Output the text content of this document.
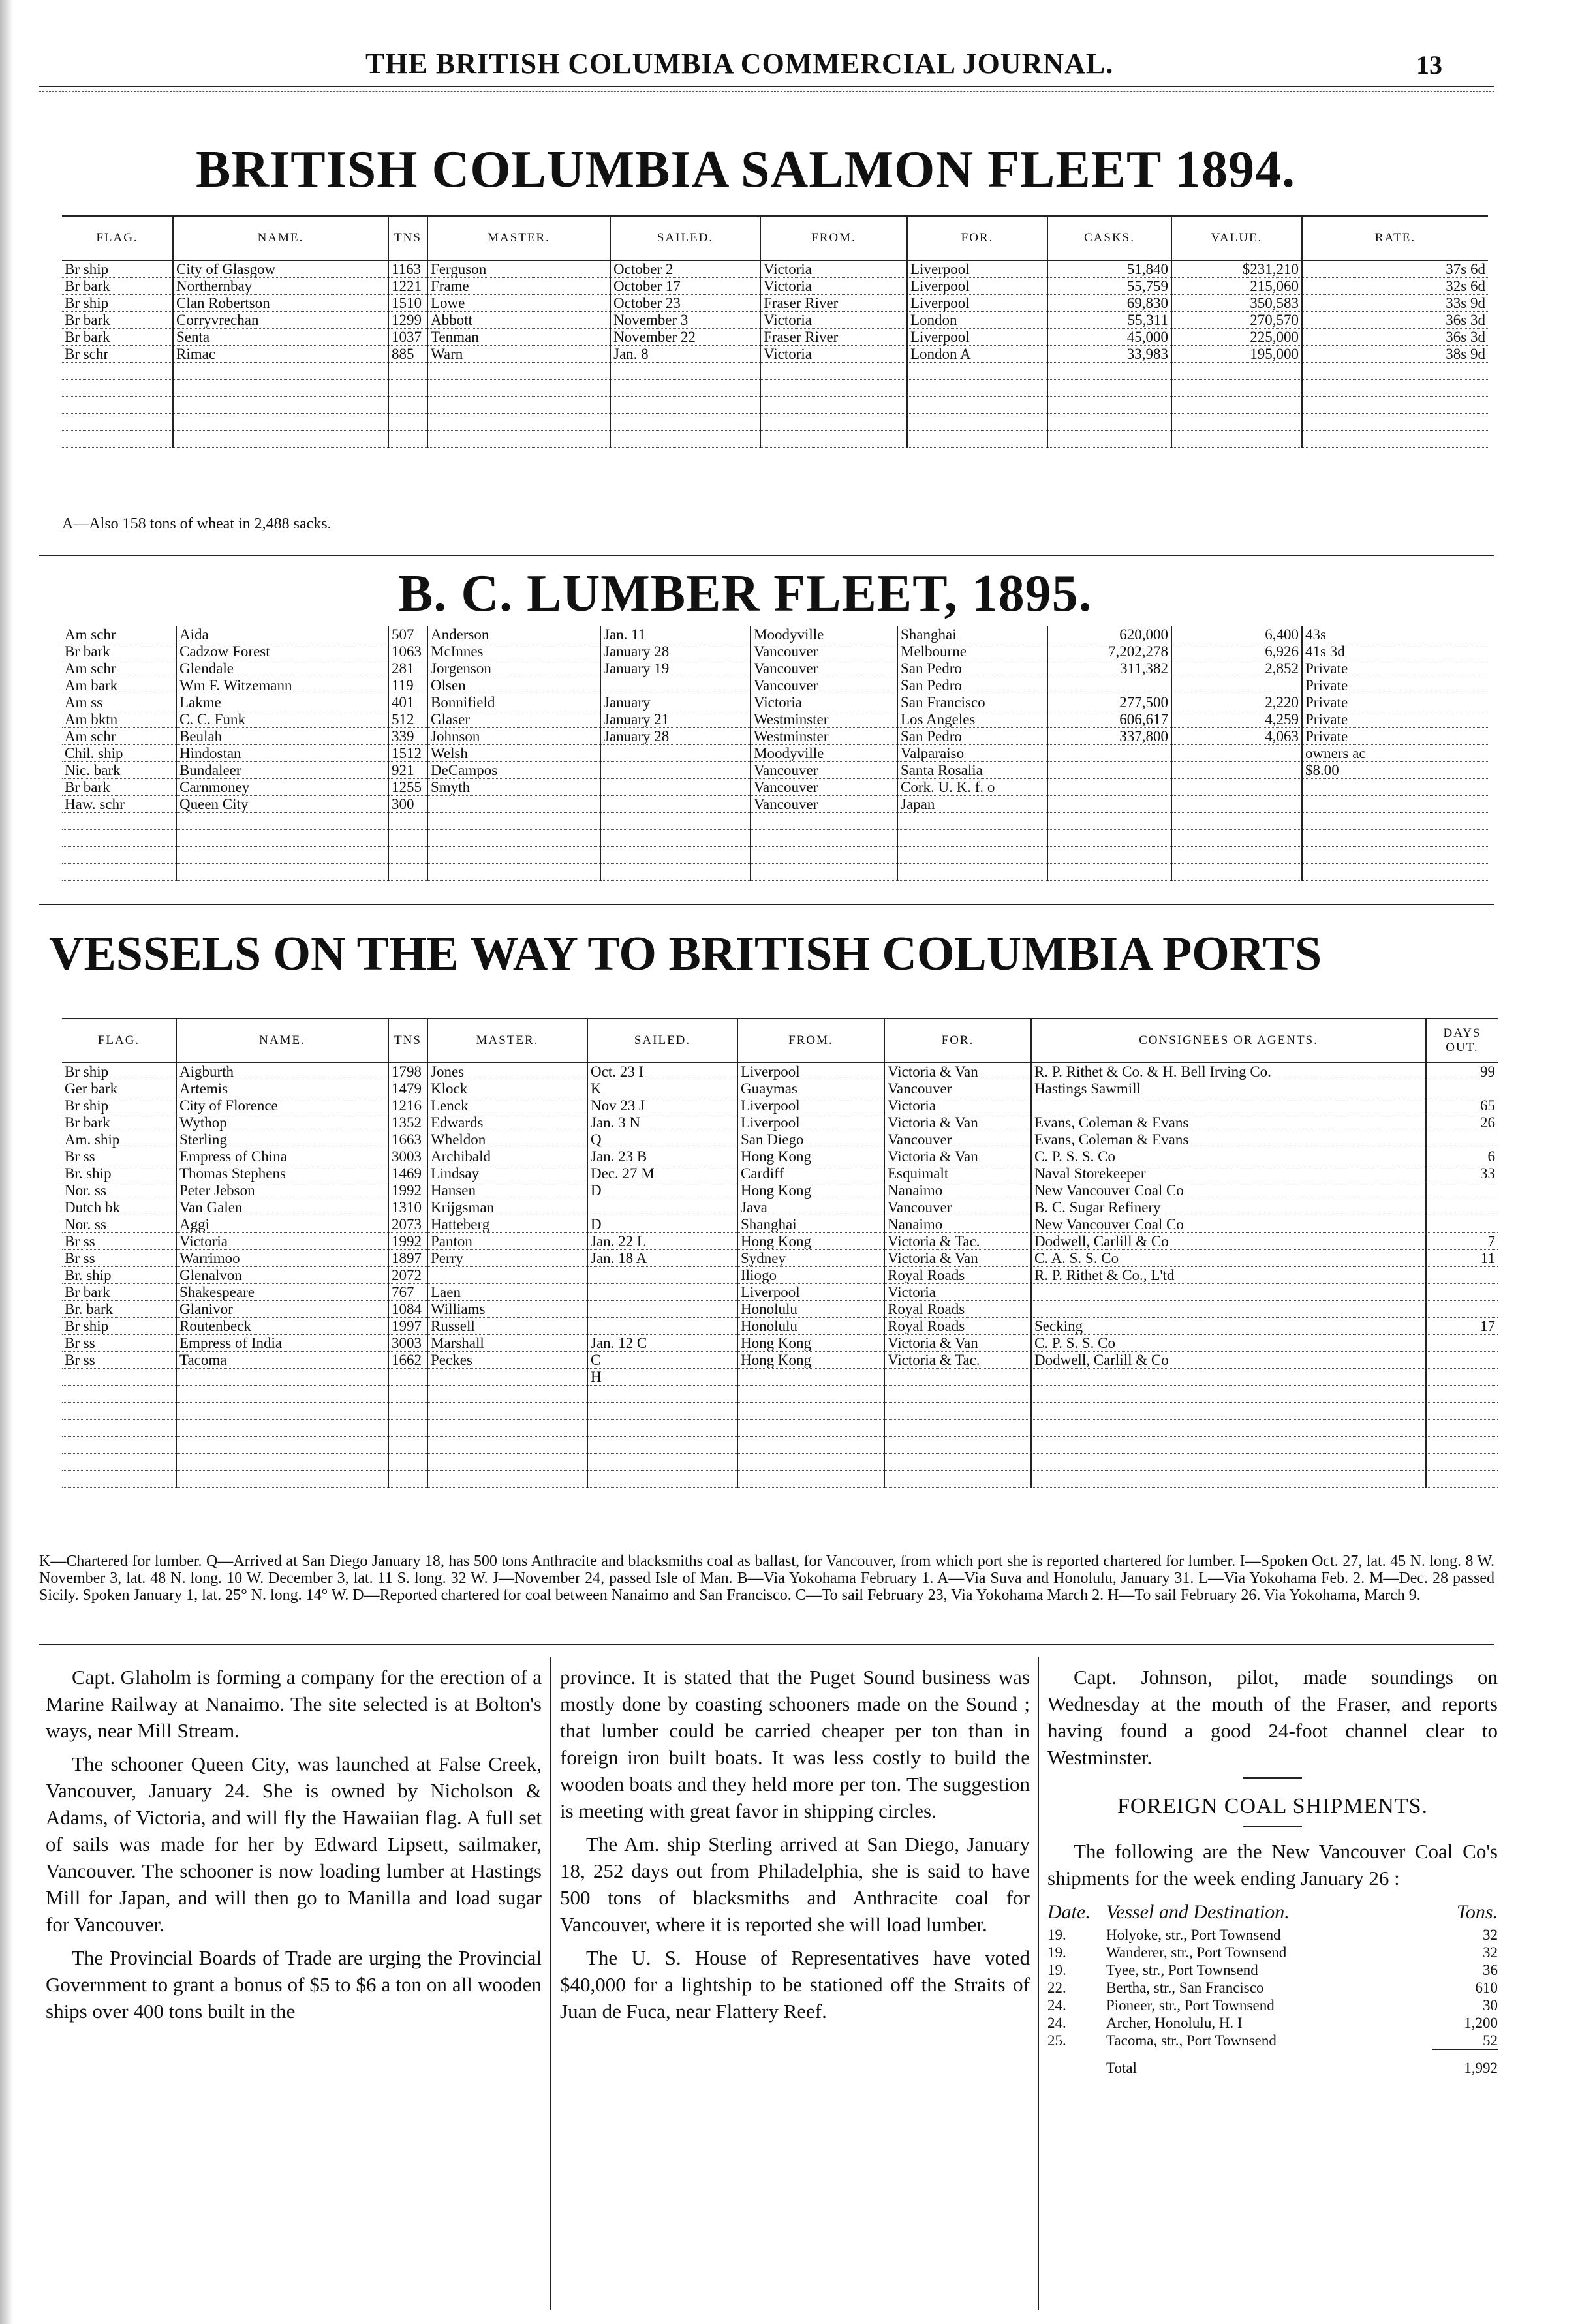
THE BRITISH COLUMBIA COMMERCIAL JOURNAL.	13
BRITISH COLUMBIA SALMON FLEET 1894.
FLAG.	NAME.	TNS	MASTER.	SAILED.	FROM.	FOR.	CASKS.	VALUE.	RATE.
Br ship	City of Glasgow	1163	Ferguson	October 2	Victoria	Liverpool	51,840	$231,210	37s 6d
Br bark	Northernbay	1221	Frame	October 17	Victoria	Liverpool	55,759	215,060	32s 6d
Br ship	Clan Robertson	1510	Lowe	October 23	Fraser River	Liverpool	69,830	350,583	33s 9d
Br bark	Corryvrechan	1299	Abbott	November 3	Victoria	London	55,311	270,570	36s 3d
Br bark	Senta	1037	Tenman	November 22	Fraser River	Liverpool	45,000	225,000	36s 3d
Br schr	Rimac	885	Warn	Jan. 8	Victoria	London A	33,983	195,000	38s 9d

A—Also 158 tons of wheat in 2,488 sacks.
B. C. LUMBER FLEET, 1895.
Am schr	Aida	507	Anderson	Jan. 11	Moodyville	Shanghai	620,000	6,400	43s
Br bark	Cadzow Forest	1063	McInnes	January 28	Vancouver	Melbourne	7,202,278	6,926	41s 3d
Am schr	Glendale	281	Jorgenson	January 19	Vancouver	San Pedro	311,382	2,852	Private
Am bark	Wm F. Witzemann	119	Olsen		Vancouver	San Pedro			Private
Am ss	Lakme	401	Bonnifield	January	Victoria	San Francisco	277,500	2,220	Private
Am bktn	C. C. Funk	512	Glaser	January 21	Westminster	Los Angeles	606,617	4,259	Private
Am schr	Beulah	339	Johnson	January 28	Westminster	San Pedro	337,800	4,063	Private
Chil. ship	Hindostan	1512	Welsh		Moodyville	Valparaiso			owners ac
Nic. bark	Bundaleer	921	DeCampos		Vancouver	Santa Rosalia			$8.00
Br bark	Carnmoney	1255	Smyth		Vancouver	Cork. U. K. f. o			
Haw. schr	Queen City	300			Vancouver	Japan			

VESSELS ON THE WAY TO BRITISH COLUMBIA PORTS
FLAG.	NAME.	TNS	MASTER.	SAILED.	FROM.	FOR.	CONSIGNEES OR AGENTS.	DAYS OUT.
Br ship	Aigburth	1798	Jones	Oct. 23 I	Liverpool	Victoria & Van	R. P. Rithet & Co. & H. Bell Irving Co.	99
Ger bark	Artemis	1479	Klock	K	Guaymas	Vancouver	Hastings Sawmill	
Br ship	City of Florence	1216	Lenck	Nov 23 J	Liverpool	Victoria		65
Br bark	Wythop	1352	Edwards	Jan. 3 N	Liverpool	Victoria & Van	Evans, Coleman & Evans	26
Am. ship	Sterling	1663	Wheldon	Q	San Diego	Vancouver	Evans, Coleman & Evans	
Br ss	Empress of China	3003	Archibald	Jan. 23 B	Hong Kong	Victoria & Van	C. P. S. S. Co	6
Br. ship	Thomas Stephens	1469	Lindsay	Dec. 27 M	Cardiff	Esquimalt	Naval Storekeeper	33
Nor. ss	Peter Jebson	1992	Hansen	D	Hong Kong	Nanaimo	New Vancouver Coal Co	
Dutch bk	Van Galen	1310	Krijgsman		Java	Vancouver	B. C. Sugar Refinery	
Nor. ss	Aggi	2073	Hatteberg	D	Shanghai	Nanaimo	New Vancouver Coal Co	
Br ss	Victoria	1992	Panton	Jan. 22 L	Hong Kong	Victoria & Tac.	Dodwell, Carlill & Co	7
Br ss	Warrimoo	1897	Perry	Jan. 18 A	Sydney	Victoria & Van	C. A. S. S. Co	11
Br. ship	Glenalvon	2072			Iliogo	Royal Roads	R. P. Rithet & Co., L'td	
Br bark	Shakespeare	767	Laen		Liverpool	Victoria		
Br. bark	Glanivor	1084	Williams		Honolulu	Royal Roads		
Br ship	Routenbeck	1997	Russell		Honolulu	Royal Roads	Secking	17
Br ss	Empress of India	3003	Marshall	Jan. 12 C	Hong Kong	Victoria & Van	C. P. S. S. Co	
Br ss	Tacoma	1662	Peckes	C	Hong Kong	Victoria & Tac.	Dodwell, Carlill & Co	
				H				

K—Chartered for lumber. Q—Arrived at San Diego January 18, has 500 tons Anthracite and blacksmiths coal as ballast, for Vancouver, from which port she is reported chartered for lumber. I—Spoken Oct. 27, lat. 45 N. long. 8 W. November 3, lat. 48 N. long. 10 W. December 3, lat. 11 S. long. 32 W. J—November 24, passed Isle of Man. B—Via Yokohama February 1. A—Via Suva and Honolulu, January 31. L—Via Yokohama Feb. 2. M—Dec. 28 passed Sicily. Spoken January 1, lat. 25° N. long. 14° W. D—Reported chartered for coal between Nanaimo and San Francisco. C—To sail February 23, Via Yokohama March 2. H—To sail February 26. Via Yokohama, March 9.

Capt. Glaholm is forming a company for the erection of a Marine Railway at Nanaimo. The site selected is at Bolton's ways, near Mill Stream.

The schooner Queen City, was launched at False Creek, Vancouver, January 24. She is owned by Nicholson & Adams, of Victoria, and will fly the Hawaiian flag. A full set of sails was made for her by Edward Lipsett, sailmaker, Vancouver. The schooner is now loading lumber at Hastings Mill for Japan, and will then go to Manilla and load sugar for Vancouver.

The Provincial Boards of Trade are urging the Provincial Government to grant a bonus of $5 to $6 a ton on all wooden ships over 400 tons built in the

province. It is stated that the Puget Sound business was mostly done by coasting schooners made on the Sound ; that lumber could be carried cheaper per ton than in foreign iron built boats. It was less costly to build the wooden boats and they held more per ton. The suggestion is meeting with great favor in shipping circles.

The Am. ship Sterling arrived at San Diego, January 18, 252 days out from Philadelphia, she is said to have 500 tons of blacksmiths and Anthracite coal for Vancouver, where it is reported she will load lumber.

The U. S. House of Representatives have voted $40,000 for a lightship to be stationed off the Straits of Juan de Fuca, near Flattery Reef.

Capt. Johnson, pilot, made soundings on Wednesday at the mouth of the Fraser, and reports having found a good 24-foot channel clear to Westminster.

FOREIGN COAL SHIPMENTS.

The following are the New Vancouver Coal Co's shipments for the week ending January 26 :

Date.	Vessel and Destination.	Tons.
19.	Holyoke, str., Port Townsend	32
19.	Wanderer, str., Port Townsend	32
19.	Tyee, str., Port Townsend	36
22.	Bertha, str., San Francisco	610
24.	Pioneer, str., Port Townsend	30
24.	Archer, Honolulu, H. I	1,200
25.	Tacoma, str., Port Townsend	52
	Total	1,992
